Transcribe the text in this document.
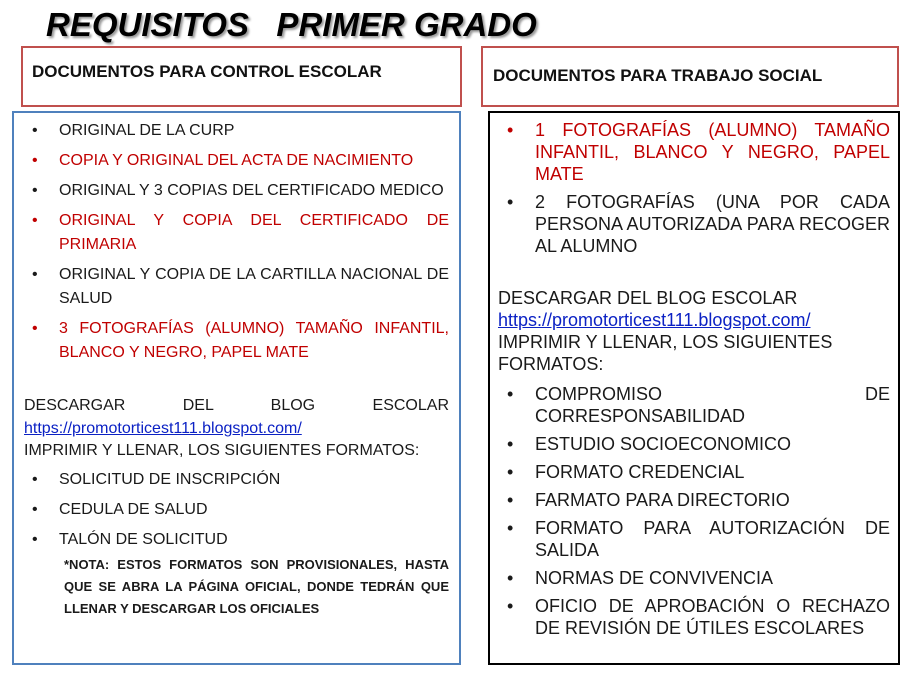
REQUISITOS   PRIMER GRADO
DOCUMENTOS PARA CONTROL ESCOLAR	DOCUMENTOS PARA TRABAJO SOCIAL
• ORIGINAL DE LA CURP
• COPIA Y ORIGINAL DEL ACTA DE NACIMIENTO
• ORIGINAL Y 3 COPIAS DEL CERTIFICADO MEDICO
• ORIGINAL Y COPIA DEL CERTIFICADO DE PRIMARIA
• ORIGINAL Y COPIA DE LA CARTILLA NACIONAL DE SALUD
• 3 FOTOGRAFÍAS (ALUMNO) TAMAÑO INFANTIL, BLANCO Y NEGRO, PAPEL MATE
DESCARGAR DEL BLOG ESCOLAR
https://promotorticest111.blogspot.com/
IMPRIMIR Y LLENAR, LOS SIGUIENTES FORMATOS:
• SOLICITUD DE INSCRIPCIÓN
• CEDULA DE SALUD
• TALÓN DE SOLICITUD
*NOTA: ESTOS FORMATOS SON PROVISIONALES, HASTA QUE SE ABRA LA PÁGINA OFICIAL, DONDE TEDRÁN QUE LLENAR Y DESCARGAR LOS OFICIALES
• 1 FOTOGRAFÍAS (ALUMNO) TAMAÑO INFANTIL, BLANCO Y NEGRO, PAPEL MATE
• 2 FOTOGRAFÍAS (UNA POR CADA PERSONA AUTORIZADA PARA RECOGER AL ALUMNO
DESCARGAR DEL BLOG ESCOLAR
https://promotorticest111.blogspot.com/ IMPRIMIR Y LLENAR, LOS SIGUIENTES FORMATOS:
• COMPROMISO DE CORRESPONSABILIDAD
• ESTUDIO SOCIOECONOMICO
• FORMATO CREDENCIAL
• FARMATO PARA DIRECTORIO
• FORMATO PARA AUTORIZACIÓN DE SALIDA
• NORMAS DE CONVIVENCIA
• OFICIO DE APROBACIÓN O RECHAZO DE REVISIÓN DE ÚTILES ESCOLARES
